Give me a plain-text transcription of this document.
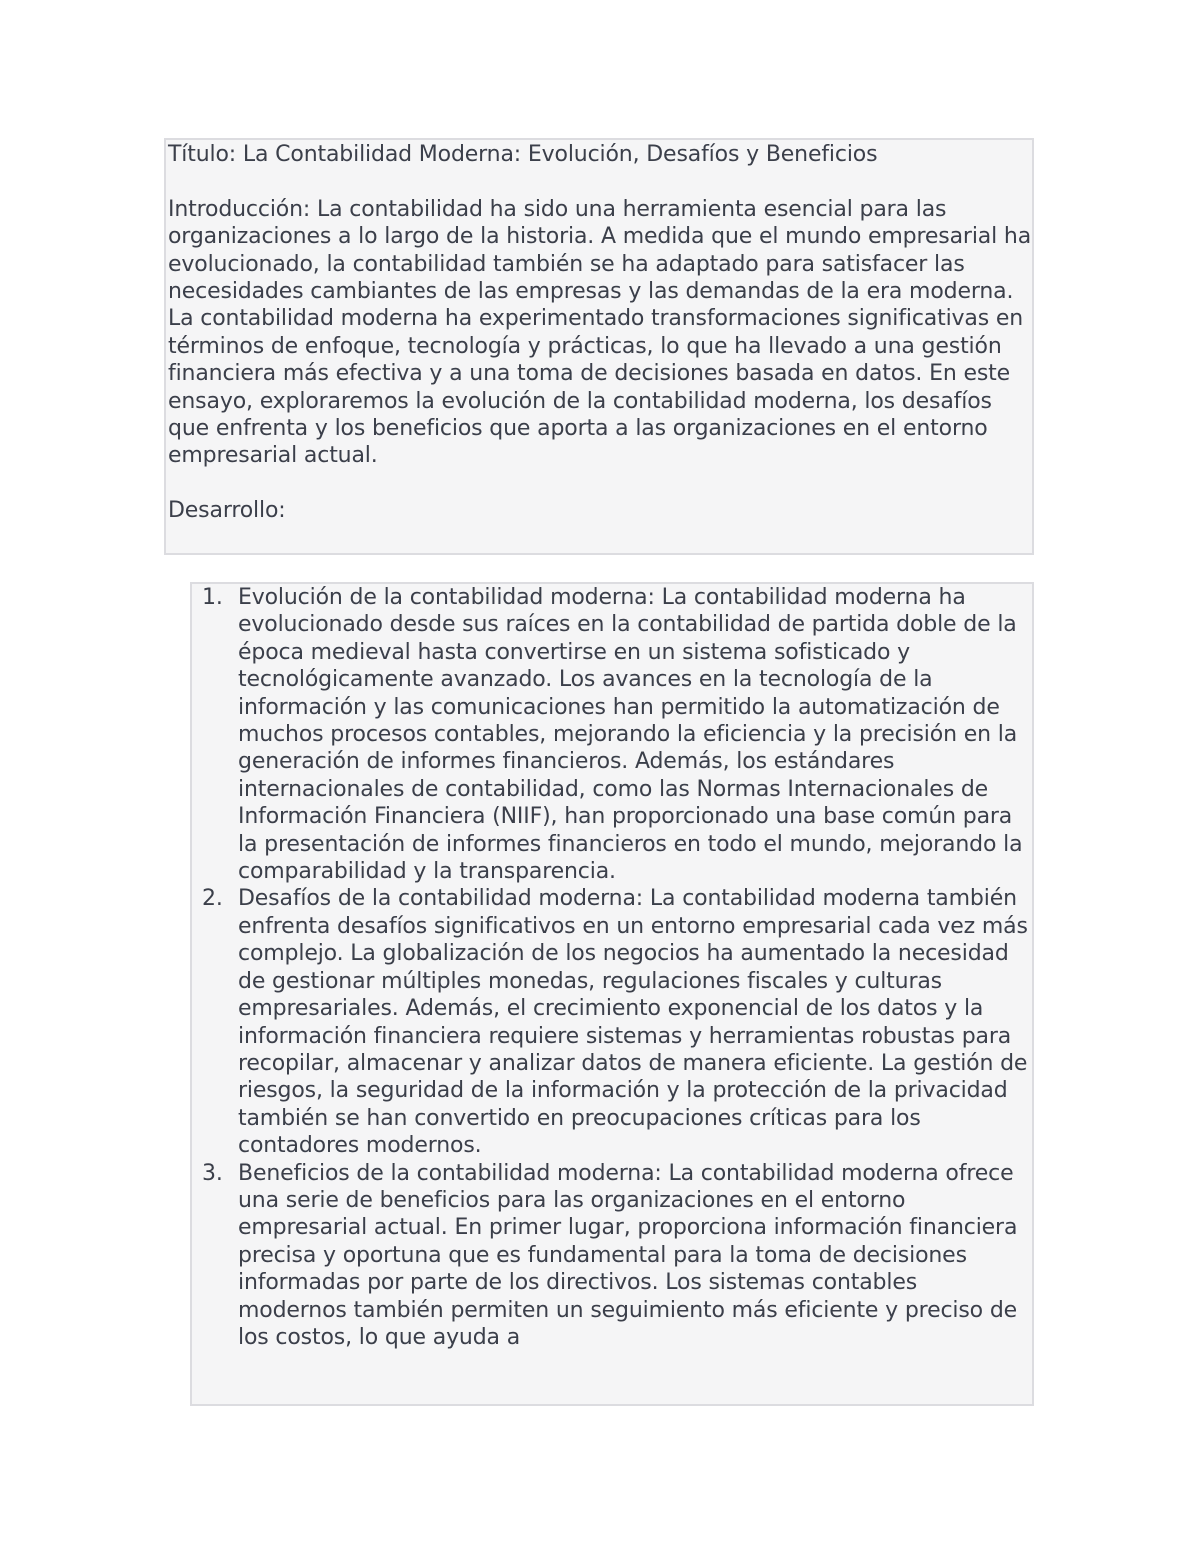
Título: La Contabilidad Moderna: Evolución, Desafíos y Beneficios

Introducción: La contabilidad ha sido una herramienta esencial para las organizaciones a lo largo de la historia. A medida que el mundo empresarial ha evolucionado, la contabilidad también se ha adaptado para satisfacer las necesidades cambiantes de las empresas y las demandas de la era moderna. La contabilidad moderna ha experimentado transformaciones significativas en términos de enfoque, tecnología y prácticas, lo que ha llevado a una gestión financiera más efectiva y a una toma de decisiones basada en datos. En este ensayo, exploraremos la evolución de la contabilidad moderna, los desafíos que enfrenta y los beneficios que aporta a las organizaciones en el entorno empresarial actual.

Desarrollo:

1. Evolución de la contabilidad moderna: La contabilidad moderna ha evolucionado desde sus raíces en la contabilidad de partida doble de la época medieval hasta convertirse en un sistema sofisticado y tecnológicamente avanzado. Los avances en la tecnología de la información y las comunicaciones han permitido la automatización de muchos procesos contables, mejorando la eficiencia y la precisión en la generación de informes financieros. Además, los estándares internacionales de contabilidad, como las Normas Internacionales de Información Financiera (NIIF), han proporcionado una base común para la presentación de informes financieros en todo el mundo, mejorando la comparabilidad y la transparencia.
2. Desafíos de la contabilidad moderna: La contabilidad moderna también enfrenta desafíos significativos en un entorno empresarial cada vez más complejo. La globalización de los negocios ha aumentado la necesidad de gestionar múltiples monedas, regulaciones fiscales y culturas empresariales. Además, el crecimiento exponencial de los datos y la información financiera requiere sistemas y herramientas robustas para recopilar, almacenar y analizar datos de manera eficiente. La gestión de riesgos, la seguridad de la información y la protección de la privacidad también se han convertido en preocupaciones críticas para los contadores modernos.
3. Beneficios de la contabilidad moderna: La contabilidad moderna ofrece una serie de beneficios para las organizaciones en el entorno empresarial actual. En primer lugar, proporciona información financiera precisa y oportuna que es fundamental para la toma de decisiones informadas por parte de los directivos. Los sistemas contables modernos también permiten un seguimiento más eficiente y preciso de los costos, lo que ayuda a
